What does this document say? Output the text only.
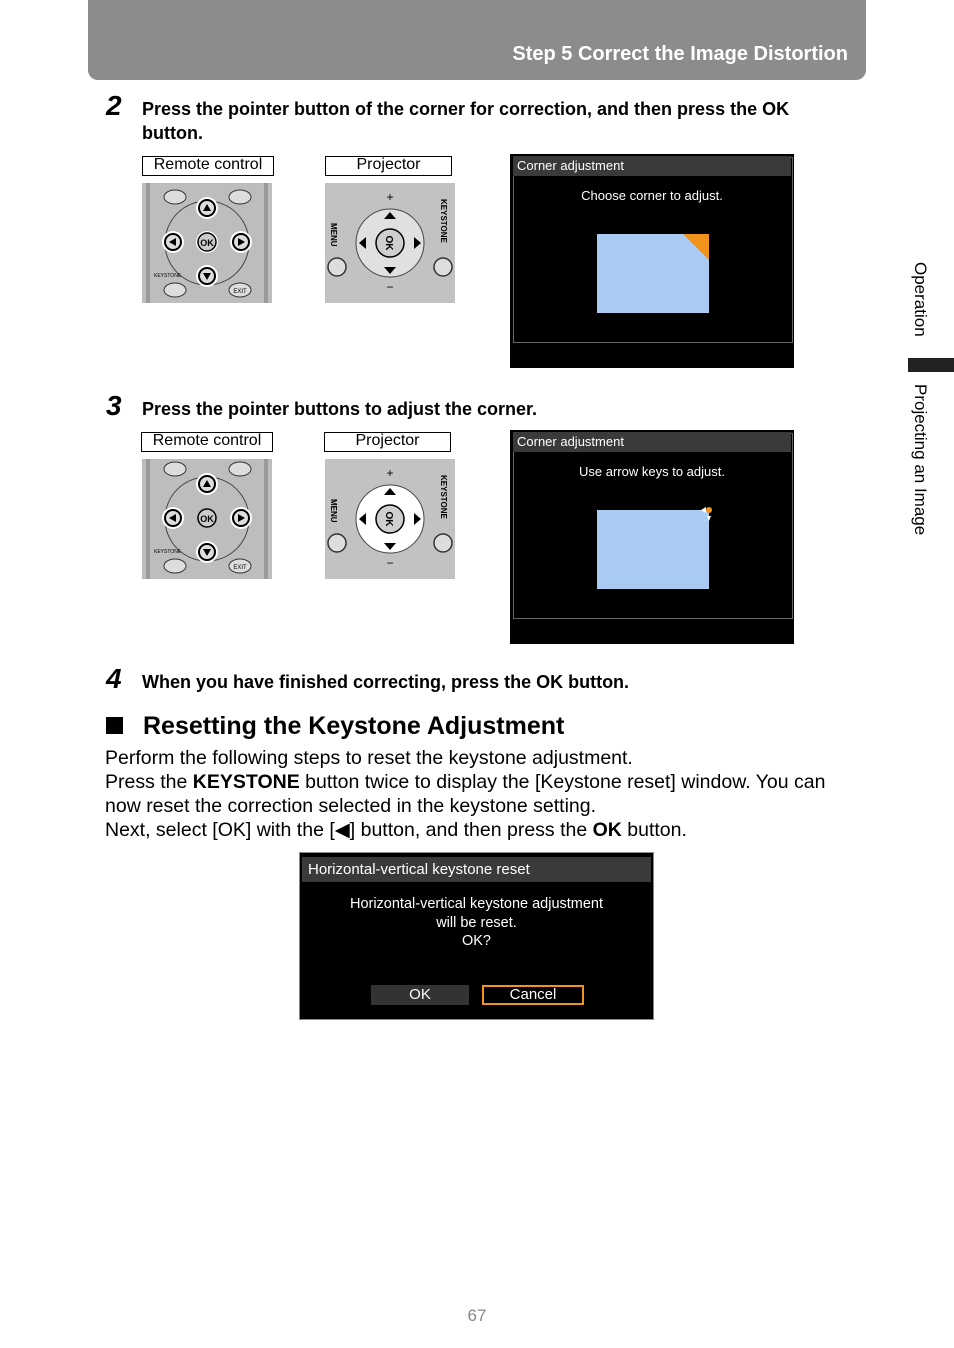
Step 5 Correct the Image Distortion
Operation
Projecting an Image
2 Press the pointer button of the corner for correction, and then press the OK button.
Remote control	Projector
OK
KEYSTONE
EXIT
OK
MENU	KEYSTONE
+
−
Corner adjustment
Choose corner to adjust.
3 Press the pointer buttons to adjust the corner.
Remote control	Projector
OK
KEYSTONE
EXIT
OK
MENU	KEYSTONE
+
−
Corner adjustment
Use arrow keys to adjust.
4 When you have finished correcting, press the OK button.
Resetting the Keystone Adjustment

Perform the following steps to reset the keystone adjustment.

Press the KEYSTONE button twice to display the [Keystone reset] window. You can now reset the correction selected in the keystone setting.

Next, select [OK] with the [◀] button, and then press the OK button.

Horizontal-vertical keystone reset
Horizontal-vertical keystone adjustment
will be reset.
OK?
OK	Cancel
67
